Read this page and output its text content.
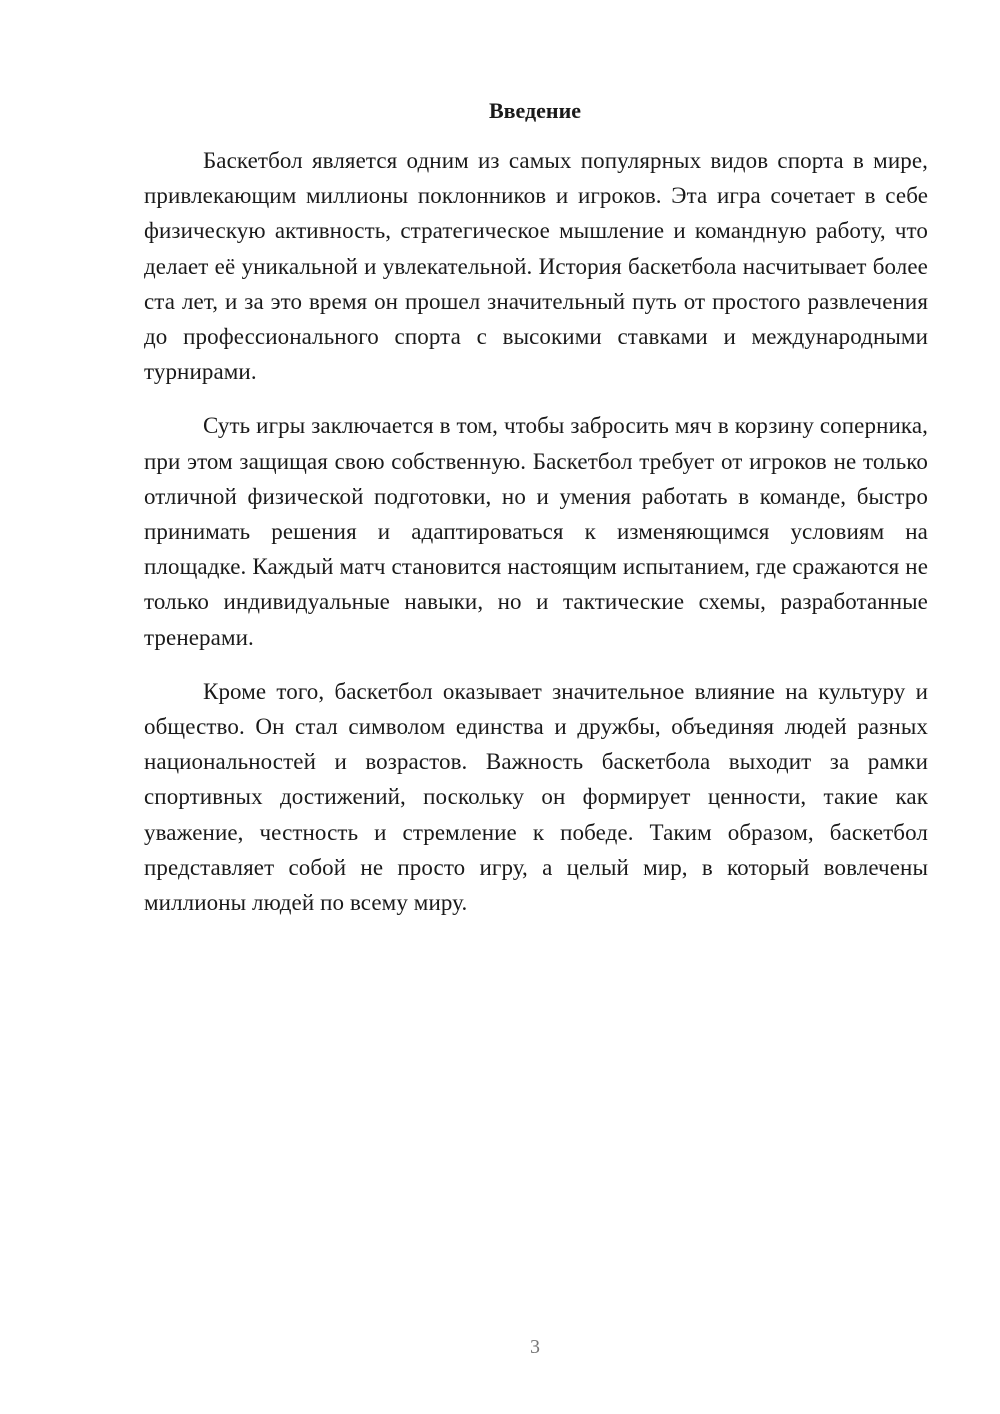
Введение

Баскетбол является одним из самых популярных видов спорта в мире, привлекающим миллионы поклонников и игроков. Эта игра сочетает в себе физическую активность, стратегическое мышление и командную работу, что делает её уникальной и увлекательной. История баскетбола насчитывает более ста лет, и за это время он прошел значительный путь от простого развлечения до профессионального спорта с высокими ставками и международными турнирами.

Суть игры заключается в том, чтобы забросить мяч в корзину соперника, при этом защищая свою собственную. Баскетбол требует от игроков не только отличной физической подготовки, но и умения работать в команде, быстро принимать решения и адаптироваться к изменяющимся условиям на площадке. Каждый матч становится настоящим испытанием, где сражаются не только индивидуальные навыки, но и тактические схемы, разработанные тренерами.

Кроме того, баскетбол оказывает значительное влияние на культуру и общество. Он стал символом единства и дружбы, объединяя людей разных национальностей и возрастов. Важность баскетбола выходит за рамки спортивных достижений, поскольку он формирует ценности, такие как уважение, честность и стремление к победе. Таким образом, баскетбол представляет собой не просто игру, а целый мир, в который вовлечены миллионы людей по всему миру.

3
